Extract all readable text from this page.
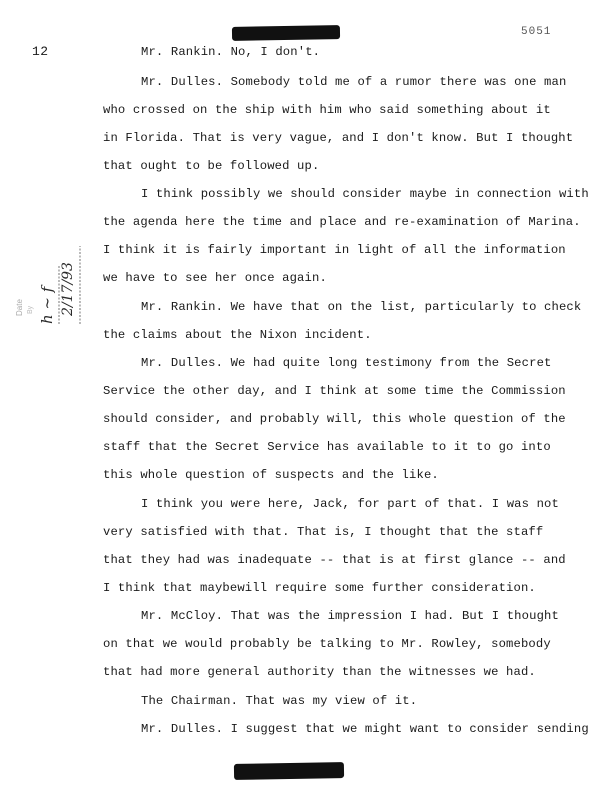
5051
12
Date By h ~ f 2/17/93
Mr. Rankin. No, I don't.
Mr. Dulles. Somebody told me of a rumor there was one man
who crossed on the ship with him who said something about it
in Florida. That is very vague, and I don't know. But I thought
that ought to be followed up.
I think possibly we should consider maybe in connection with
the agenda here the time and place and re-examination of Marina.
I think it is fairly important in light of all the information
we have to see her once again.
Mr. Rankin. We have that on the list, particularly to check
the claims about the Nixon incident.
Mr. Dulles. We had quite long testimony from the Secret
Service the other day, and I think at some time the Commission
should consider, and probably will, this whole question of the
staff that the Secret Service has available to it to go into
this whole question of suspects and the like.
I think you were here, Jack, for part of that. I was not
very satisfied with that. That is, I thought that the staff
that they had was inadequate -- that is at first glance -- and
I think that maybewill require some further consideration.
Mr. McCloy. That was the impression I had. But I thought
on that we would probably be talking to Mr. Rowley, somebody
that had more general authority than the witnesses we had.
The Chairman. That was my view of it.
Mr. Dulles. I suggest that we might want to consider sending
